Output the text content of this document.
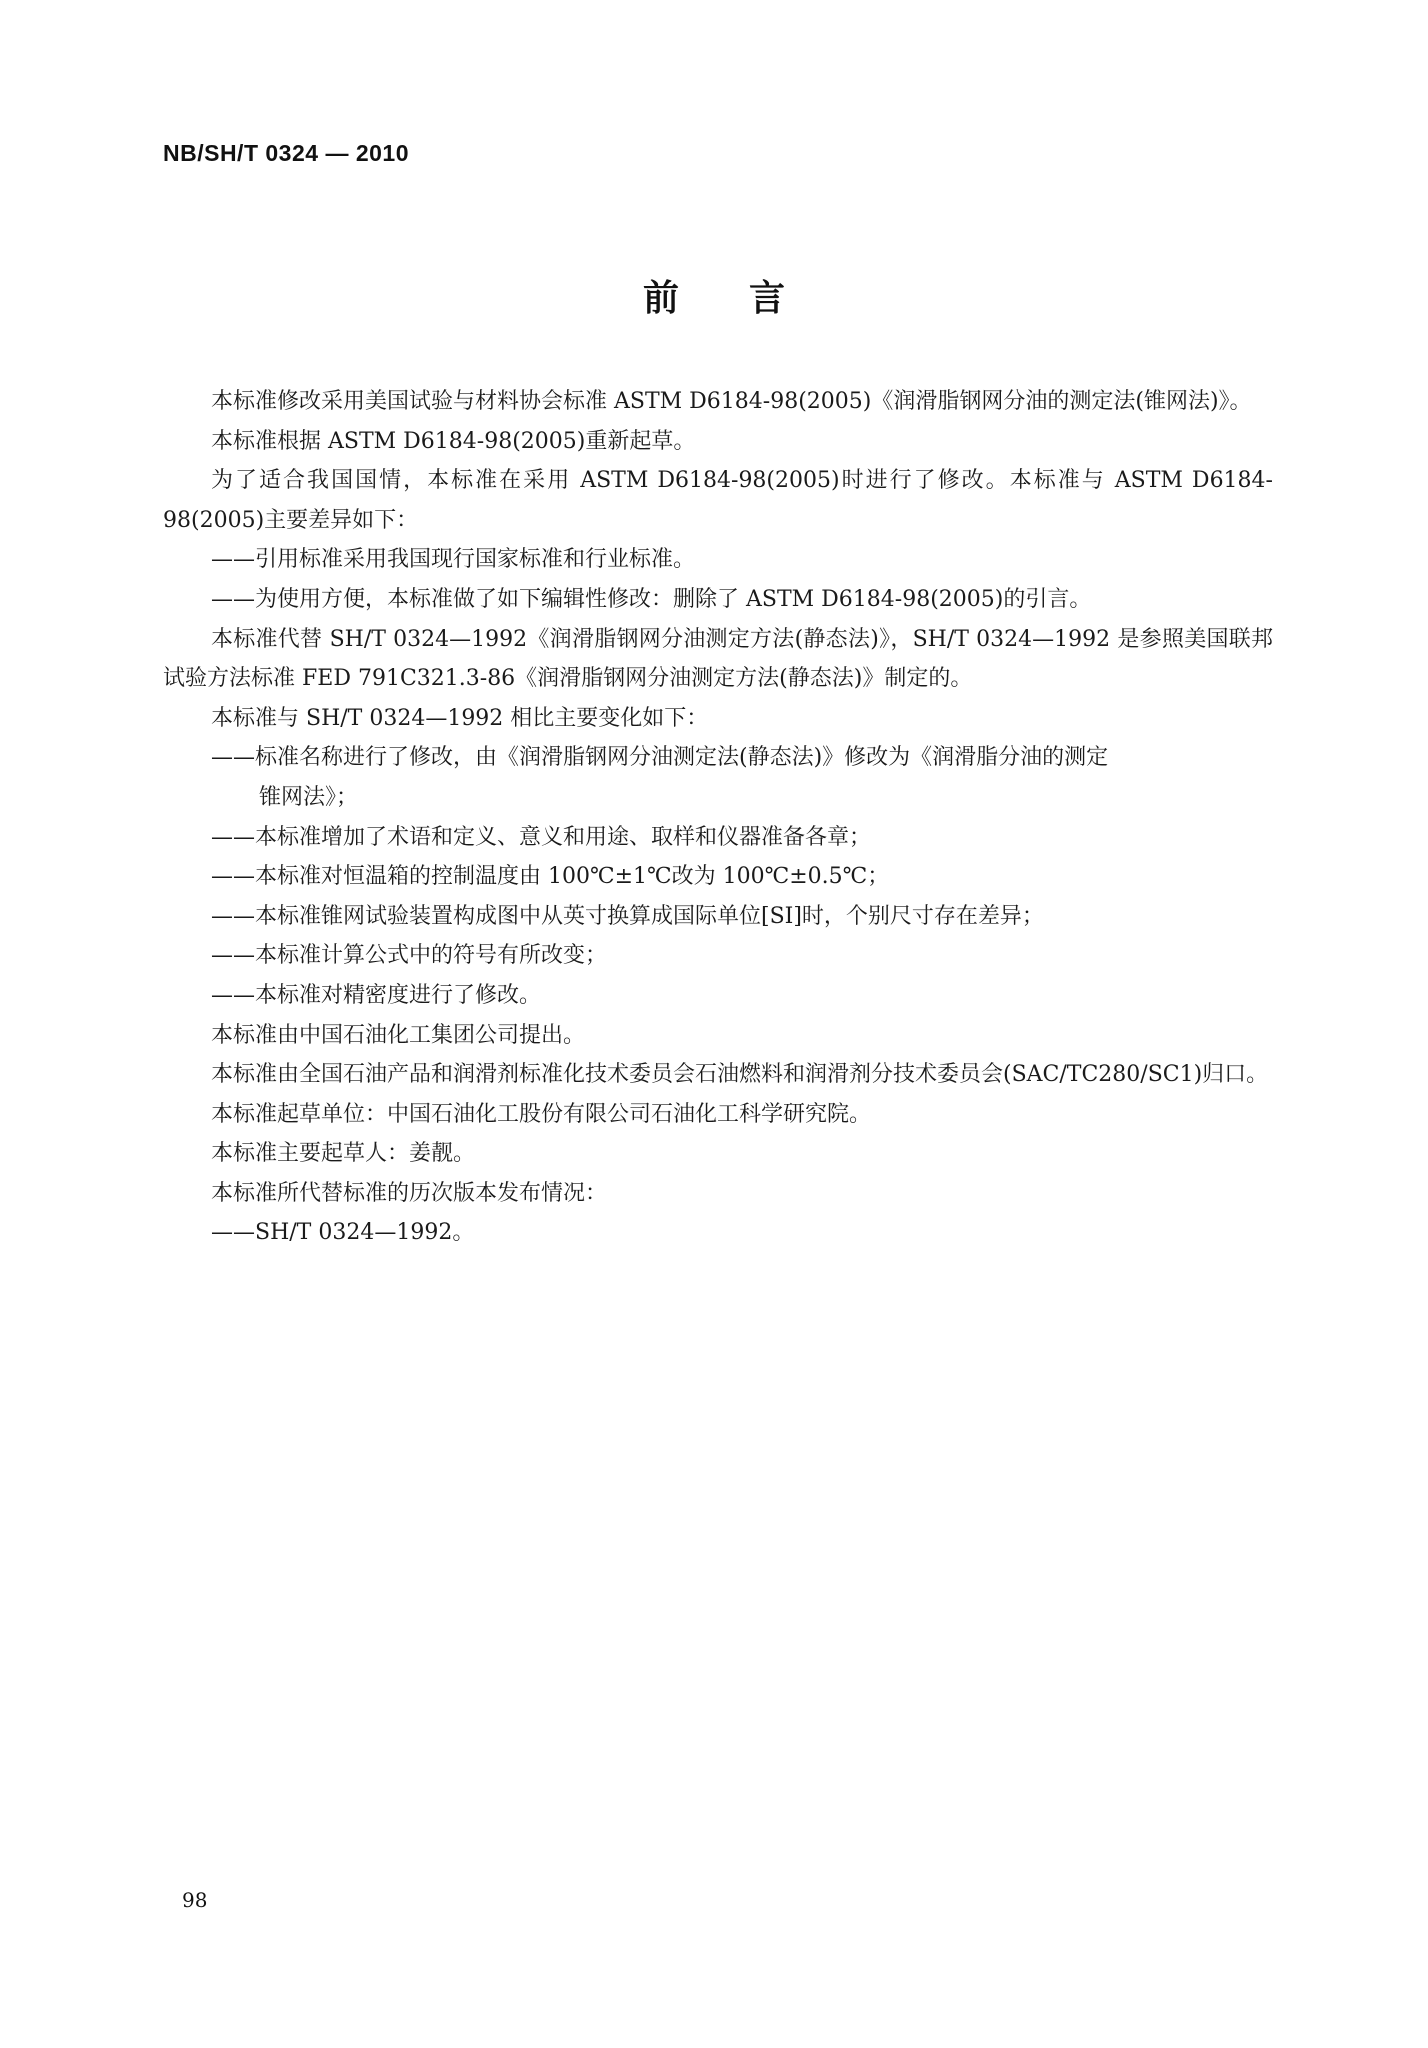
NB/SH/T 0324 — 2010
前言

本标准修改采用美国试验与材料协会标准 ASTM D6184-98(2005)《润滑脂钢网分油的测定法(锥网法)》。

本标准根据 ASTM D6184-98(2005)重新起草。

为了适合我国国情，本标准在采用 ASTM D6184-98(2005)时进行了修改。本标准与 ASTM D6184-98(2005)主要差异如下：

——引用标准采用我国现行国家标准和行业标准。

——为使用方便，本标准做了如下编辑性修改：删除了 ASTM D6184-98(2005)的引言。

本标准代替 SH/T 0324—1992《润滑脂钢网分油测定方法(静态法)》，SH/T 0324—1992 是参照美国联邦试验方法标准 FED 791C321.3-86《润滑脂钢网分油测定方法(静态法)》制定的。

本标准与 SH/T 0324—1992 相比主要变化如下：

——标准名称进行了修改，由《润滑脂钢网分油测定法(静态法)》修改为《润滑脂分油的测定
锥网法》；

——本标准增加了术语和定义、意义和用途、取样和仪器准备各章；

——本标准对恒温箱的控制温度由 100℃±1℃改为 100℃±0.5℃；

——本标准锥网试验装置构成图中从英寸换算成国际单位[SI]时，个别尺寸存在差异；

——本标准计算公式中的符号有所改变；

——本标准对精密度进行了修改。

本标准由中国石油化工集团公司提出。

本标准由全国石油产品和润滑剂标准化技术委员会石油燃料和润滑剂分技术委员会(SAC/TC280/SC1)归口。

本标准起草单位：中国石油化工股份有限公司石油化工科学研究院。

本标准主要起草人：姜靓。

本标准所代替标准的历次版本发布情况：

——SH/T 0324—1992。

98
